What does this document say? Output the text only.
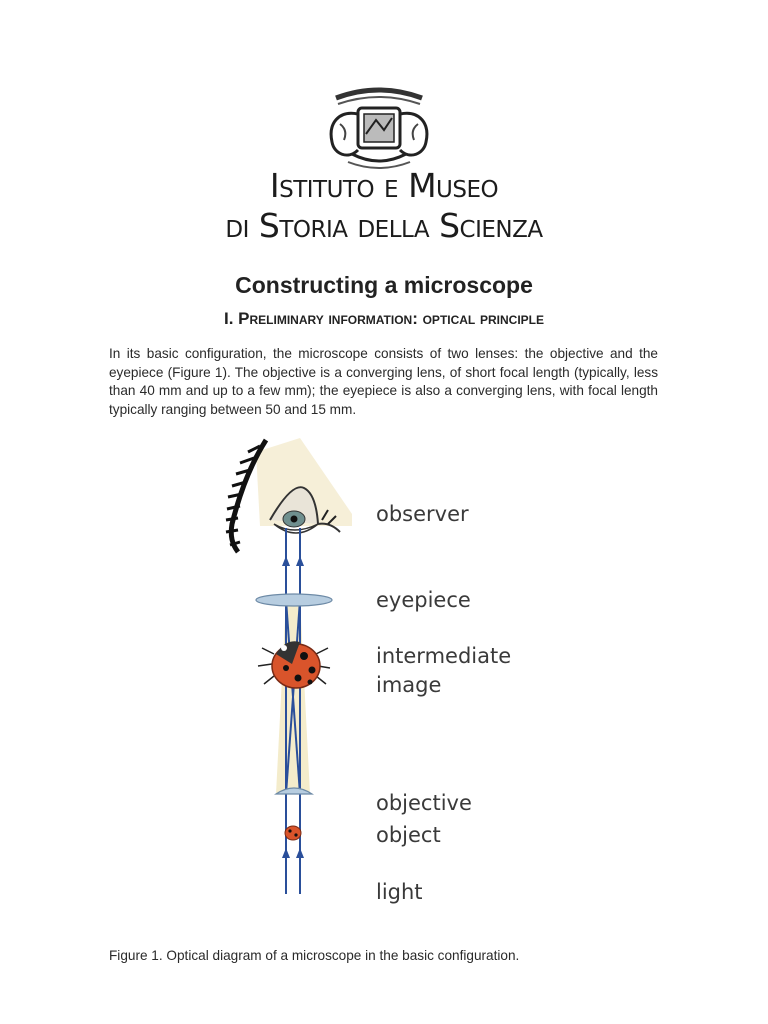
Istituto e Museo
di Storia della Scienza
Constructing a microscope
I. Preliminary information: optical principle

In its basic configuration, the microscope consists of two lenses: the objective and the eyepiece (Figure 1). The objective is a converging lens, of short focal length (typically, less than 40 mm and up to a few mm); the eyepiece is also a converging lens, with focal length typically ranging between 50 and 15 mm.

observer
eyepiece
intermediate
image
objective
object
light
Figure 1. Optical diagram of a microscope in the basic configuration.
